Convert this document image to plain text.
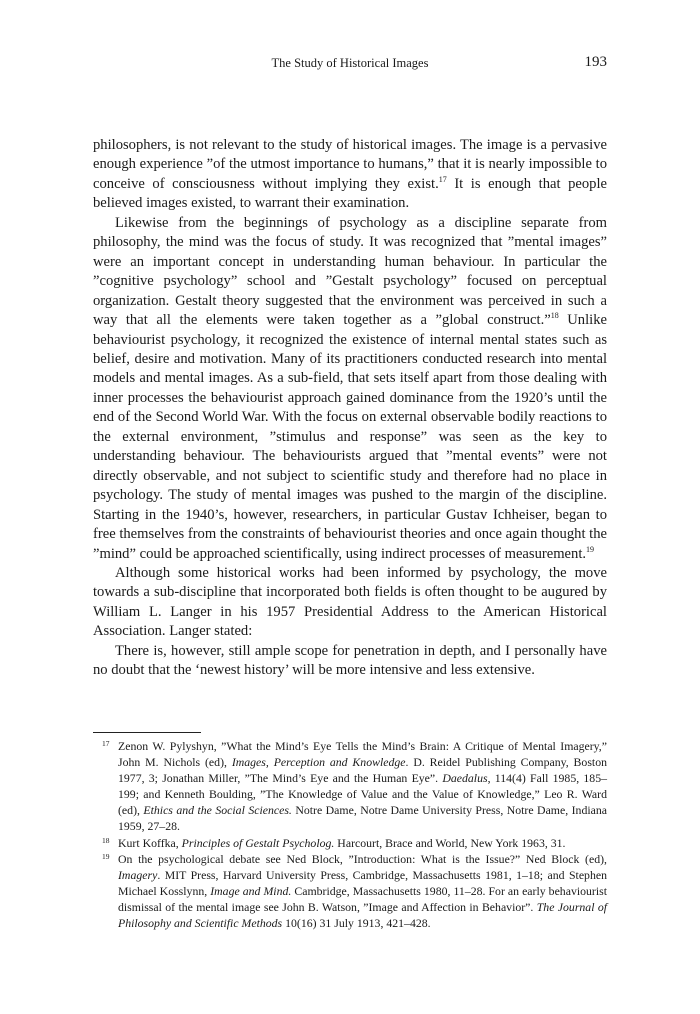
The Study of Historical Images	193

philosophers, is not relevant to the study of historical images. The image is a pervasive enough experience ”of the utmost importance to humans,” that it is nearly impossible to conceive of consciousness without implying they exist.$^{17}$ It is enough that people believed images existed, to warrant their examination.

Likewise from the beginnings of psychology as a discipline separate from philosophy, the mind was the focus of study. It was recognized that ”mental images” were an important concept in understanding human behaviour. In particular the ”cognitive psychology” school and ”Gestalt psychology” focused on perceptual organization. Gestalt theory suggested that the environment was perceived in such a way that all the elements were taken together as a ”global construct.”$^{18}$ Unlike behaviourist psychology, it recognized the existence of internal mental states such as belief, desire and motivation. Many of its practitioners conducted research into mental models and mental images. As a sub-field, that sets itself apart from those dealing with inner processes the behaviourist approach gained dominance from the 1920’s until the end of the Second World War. With the focus on external observable bodily reactions to the external environment, ”stimulus and response” was seen as the key to understanding behaviour. The behaviourists argued that ”mental events” were not directly observable, and not subject to scientific study and therefore had no place in psychology. The study of mental images was pushed to the margin of the discipline. Starting in the 1940’s, however, researchers, in particular Gustav Ichheiser, began to free themselves from the constraints of behaviourist theories and once again thought the ”mind” could be approached scientifically, using indirect processes of measurement.$^{19}$

Although some historical works had been informed by psychology, the move towards a sub-discipline that incorporated both fields is often thought to be augured by William L. Langer in his 1957 Presidential Address to the American Historical Association. Langer stated:

There is, however, still ample scope for penetration in depth, and I personally have no doubt that the ‘newest history’ will be more intensive and less extensive.

17 Zenon W. Pylyshyn, ”What the Mind’s Eye Tells the Mind’s Brain: A Critique of Mental Imagery,” John M. Nichols (ed), Images, Perception and Knowledge. D. Reidel Publishing Company, Boston 1977, 3; Jonathan Miller, ”The Mind’s Eye and the Human Eye”. Daedalus, 114(4) Fall 1985, 185–199; and Kenneth Boulding, ”The Knowledge of Value and the Value of Knowledge,” Leo R. Ward (ed), Ethics and the Social Sciences. Notre Dame, Notre Dame University Press, Notre Dame, Indiana 1959, 27–28.

18 Kurt Koffka, Principles of Gestalt Psycholog. Harcourt, Brace and World, New York 1963, 31.

19 On the psychological debate see Ned Block, ”Introduction: What is the Issue?” Ned Block (ed), Imagery. MIT Press, Harvard University Press, Cambridge, Massachusetts 1981, 1–18; and Stephen Michael Kosslynn, Image and Mind. Cambridge, Massachusetts 1980, 11–28. For an early behaviourist dismissal of the mental image see John B. Watson, ”Image and Affection in Behavior”. The Journal of Philosophy and Scientific Methods 10(16) 31 July 1913, 421–428.
